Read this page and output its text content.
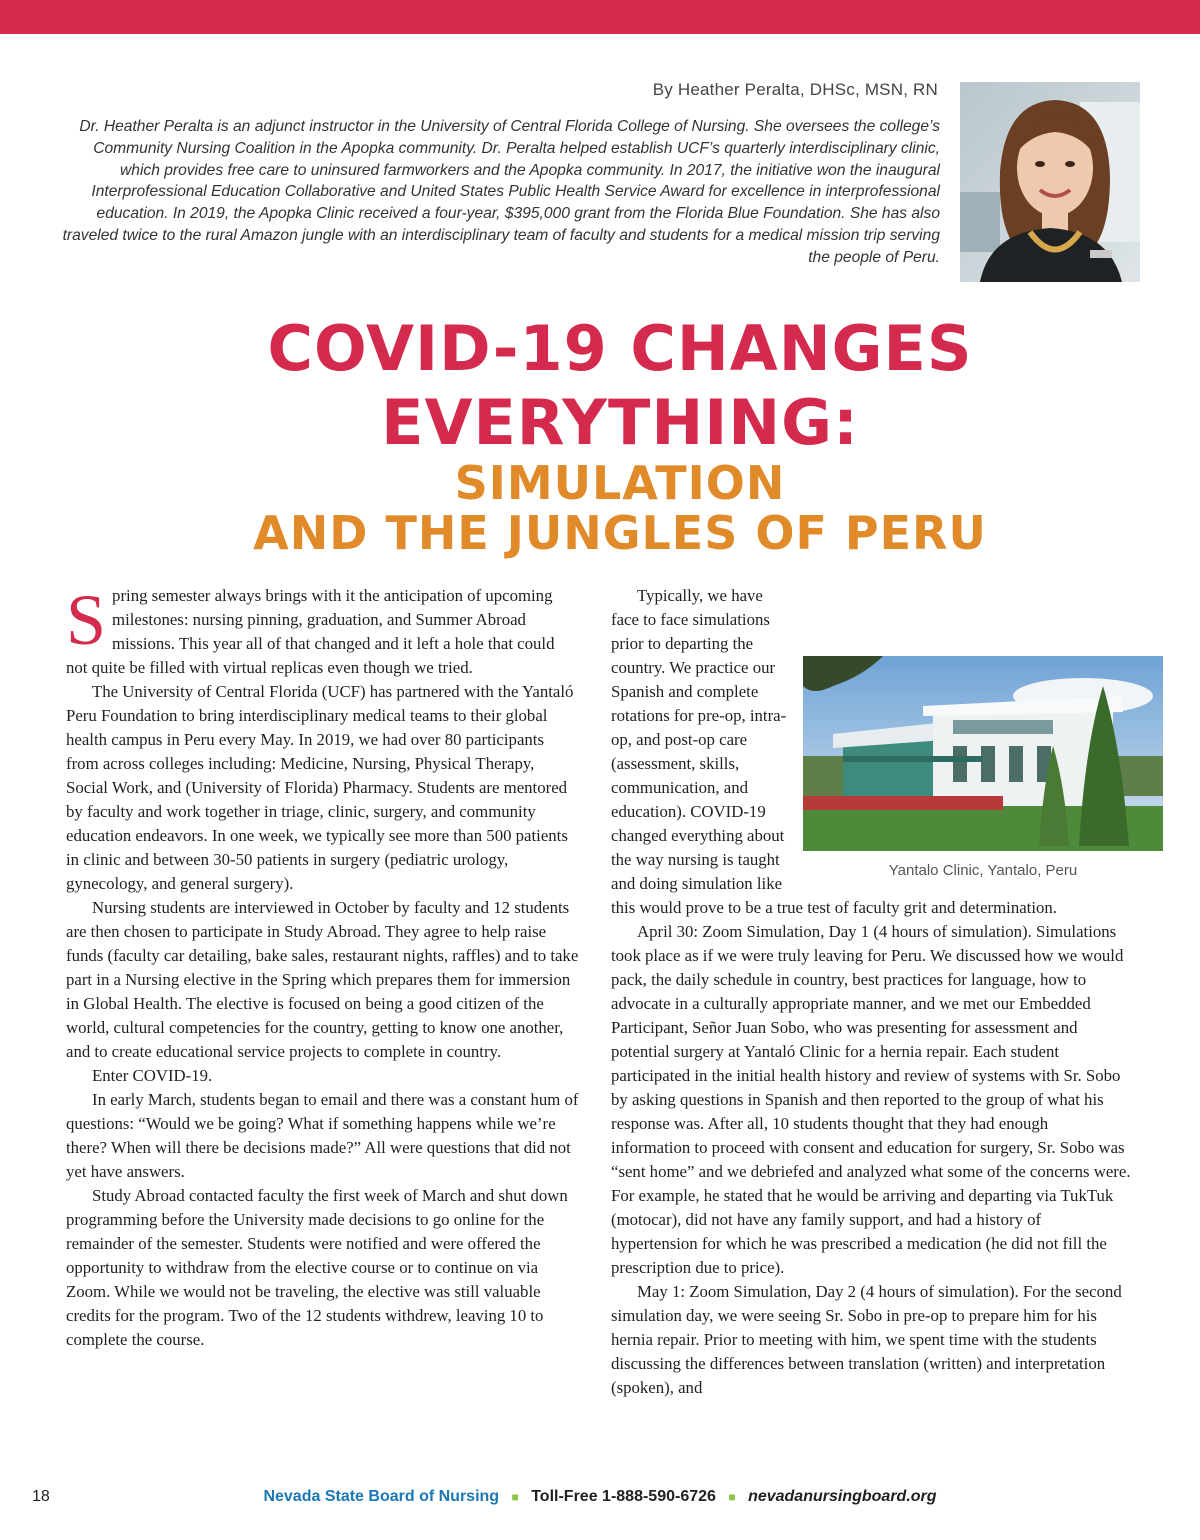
By Heather Peralta, DHSc, MSN, RN
Dr. Heather Peralta is an adjunct instructor in the University of Central Florida College of Nursing. She oversees the college’s Community Nursing Coalition in the Apopka community. Dr. Peralta helped establish UCF’s quarterly interdisciplinary clinic, which provides free care to uninsured farmworkers and the Apopka community. In 2017, the initiative won the inaugural Interprofessional Education Collaborative and United States Public Health Service Award for excellence in interprofessional education. In 2019, the Apopka Clinic received a four-year, $395,000 grant from the Florida Blue Foundation. She has also traveled twice to the rural Amazon jungle with an interdisciplinary team of faculty and students for a medical mission trip serving the people of Peru.
COVID-19 CHANGES
EVERYTHING:
SIMULATION
AND THE JUNGLES OF PERU

Spring semester always brings with it the anticipation of upcoming milestones: nursing pinning, graduation, and Summer Abroad missions. This year all of that changed and it left a hole that could not quite be filled with virtual replicas even though we tried.

The University of Central Florida (UCF) has partnered with the Yantaló Peru Foundation to bring interdisciplinary medical teams to their global health campus in Peru every May. In 2019, we had over 80 participants from across colleges including: Medicine, Nursing, Physical Therapy, Social Work, and (University of Florida) Pharmacy. Students are mentored by faculty and work together in triage, clinic, surgery, and community education endeavors. In one week, we typically see more than 500 patients in clinic and between 30-50 patients in surgery (pediatric urology, gynecology, and general surgery).

Nursing students are interviewed in October by faculty and 12 students are then chosen to participate in Study Abroad. They agree to help raise funds (faculty car detailing, bake sales, restaurant nights, raffles) and to take part in a Nursing elective in the Spring which prepares them for immersion in Global Health. The elective is focused on being a good citizen of the world, cultural competencies for the country, getting to know one another, and to create educational service projects to complete in country.

Enter COVID-19.

In early March, students began to email and there was a constant hum of questions: “Would we be going? What if something happens while we’re there? When will there be decisions made?” All were questions that did not yet have answers.

Study Abroad contacted faculty the first week of March and shut down programming before the University made decisions to go online for the remainder of the semester. Students were notified and were offered the opportunity to withdraw from the elective course or to continue on via Zoom. While we would not be traveling, the elective was still valuable credits for the program. Two of the 12 students withdrew, leaving 10 to complete the course.

Yantalo Clinic, Yantalo, Peru

Typically, we have face to face simulations prior to departing the country. We practice our Spanish and complete rotations for pre-op, intra-op, and post-op care (assessment, skills, communication, and education). COVID-19 changed everything about the way nursing is taught and doing simulation like this would prove to be a true test of faculty grit and determination.

April 30: Zoom Simulation, Day 1 (4 hours of simulation). Simulations took place as if we were truly leaving for Peru. We discussed how we would pack, the daily schedule in country, best practices for language, how to advocate in a culturally appropriate manner, and we met our Embedded Participant, Señor Juan Sobo, who was presenting for assessment and potential surgery at Yantaló Clinic for a hernia repair. Each student participated in the initial health history and review of systems with Sr. Sobo by asking questions in Spanish and then reported to the group of what his response was. After all, 10 students thought that they had enough information to proceed with consent and education for surgery, Sr. Sobo was “sent home” and we debriefed and analyzed what some of the concerns were. For example, he stated that he would be arriving and departing via TukTuk (motocar), did not have any family support, and had a history of hypertension for which he was prescribed a medication (he did not fill the prescription due to price).

May 1: Zoom Simulation, Day 2 (4 hours of simulation). For the second simulation day, we were seeing Sr. Sobo in pre-op to prepare him for his hernia repair. Prior to meeting with him, we spent time with the students discussing the differences between translation (written) and interpretation (spoken), and

18	Nevada State Board of Nursing ■ Toll-Free 1-888-590-6726 ■ nevadanursingboard.org
